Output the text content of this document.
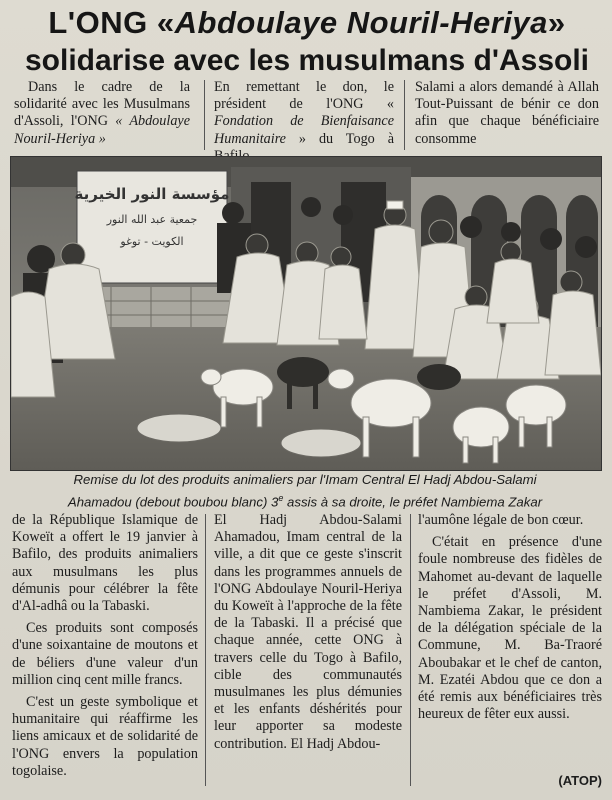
L'ONG «Abdoulaye Nouril-Heriya»
solidarise avec les musulmans d'Assoli

Dans le cadre de la solidarité avec les Musulmans d'Assoli, l'ONG « Abdoulaye Nouril-Heriya »

En remettant le don, le président de l'ONG « Fondation de Bienfaisance Humanitaire » du Togo à

Salami a alors demandé à Allah Tout-Puissant de bénir ce don afin que chaque bénéficiaire consomme

مؤسسة النور الخيرية
جمعية عبد الله النور
الكويت - توغو
Remise du lot des produits animaliers par l'Imam Central El Hadj Abdou-Salami
Ahamadou (debout boubou blanc) 3e assis à sa droite, le préfet Nambiema Zakar

de la République Islamique de Koweït a offert le 19 janvier à Bafilo, des produits animaliers aux musulmans les plus démunis pour célébrer la fête d'Al-adhâ ou la Tabaski.

Ces produits sont composés d'une soixantaine de moutons et de béliers d'une valeur d'un million cinq cent mille francs.

C'est un geste symbolique et humanitaire qui réaffirme les liens amicaux et de solidarité de l'ONG envers la population togolaise.

El Hadj Abdou-Salami Ahamadou, Imam central de la ville, a dit que ce geste s'inscrit dans les programmes annuels de l'ONG Abdoulaye Nouril-Heriya du Koweït à l'approche de la fête de la Tabaski. Il a précisé que chaque année, cette ONG à travers celle du Togo à Bafilo, cible des communautés musulmanes les plus démunies et les enfants déshérités pour leur apporter sa modeste contribution. El Hadj Abdou-

l'aumône légale de bon cœur.

C'était en présence d'une foule nombreuse des fidèles de Mahomet au-devant de laquelle le préfet d'Assoli, M. Nambiema Zakar, le président de la délégation spéciale de la Commune, M. Ba-Traoré Aboubakar et le chef de canton, M. Ezatéi Abdou que ce don a été remis aux bénéficiaires très heureux de fêter eux aussi.

(ATOP)
